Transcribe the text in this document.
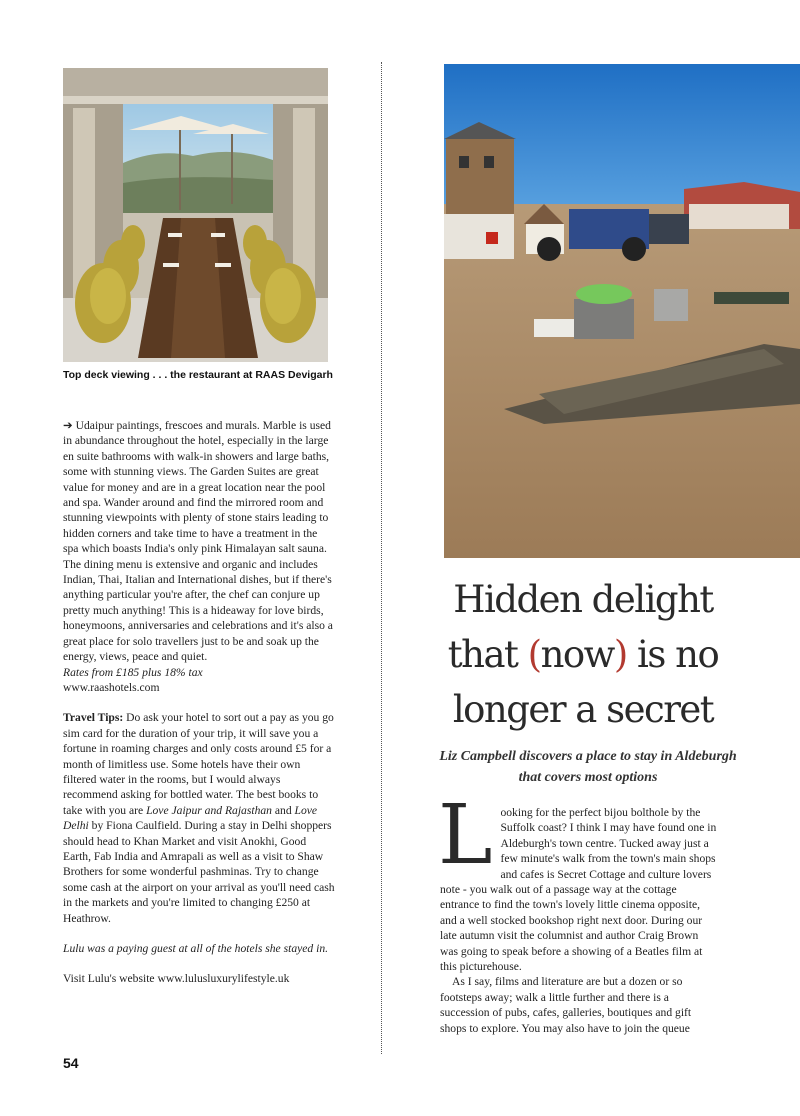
Top deck viewing . . . the restaurant at RAAS Devigarh

➔ Udaipur paintings, frescoes and murals. Marble is used in abundance throughout the hotel, especially in the large en suite bathrooms with walk-in showers and large baths, some with stunning views. The Garden Suites are great value for money and are in a great location near the pool and spa. Wander around and find the mirrored room and stunning viewpoints with plenty of stone stairs leading to hidden corners and take time to have a treatment in the spa which boasts India's only pink Himalayan salt sauna. The dining menu is extensive and organic and includes Indian, Thai, Italian and International dishes, but if there's anything particular you're after, the chef can conjure up pretty much anything! This is a hideaway for love birds, honeymoons, anniversaries and celebrations and it's also a great place for solo travellers just to be and soak up the energy, views, peace and quiet.

Rates from £185 plus 18% tax

www.raashotels.com

Travel Tips: Do ask your hotel to sort out a pay as you go sim card for the duration of your trip, it will save you a fortune in roaming charges and only costs around £5 for a month of limitless use. Some hotels have their own filtered water in the rooms, but I would always recommend asking for bottled water. The best books to take with you are Love Jaipur and Rajasthan and Love Delhi by Fiona Caulfield. During a stay in Delhi shoppers should head to Khan Market and visit Anokhi, Good Earth, Fab India and Amrapali as well as a visit to Shaw Brothers for some wonderful pashminas. Try to change some cash at the airport on your arrival as you'll need cash in the markets and you're limited to changing £250 at Heathrow.

Lulu was a paying guest at all of the hotels she stayed in.

Visit Lulu's website www.lulusluxurylifestyle.uk

54
Hidden delight
that (now) is no
longer a secret
Liz Campbell discovers a place to stay in Aldeburgh that covers most options

Looking for the perfect bijou bolthole by the Suffolk coast? I think I may have found one in Aldeburgh's town centre. Tucked away just a few minute's walk from the town's main shops and cafes is Secret Cottage and culture lovers note - you walk out of a passage way at the cottage entrance to find the town's lovely little cinema opposite, and a well stocked bookshop right next door. During our late autumn visit the columnist and author Craig Brown was going to speak before a showing of a Beatles film at this picturehouse.

As I say, films and literature are but a dozen or so footsteps away; walk a little further and there is a succession of pubs, cafes, galleries, boutiques and gift shops to explore. You may also have to join the queue
